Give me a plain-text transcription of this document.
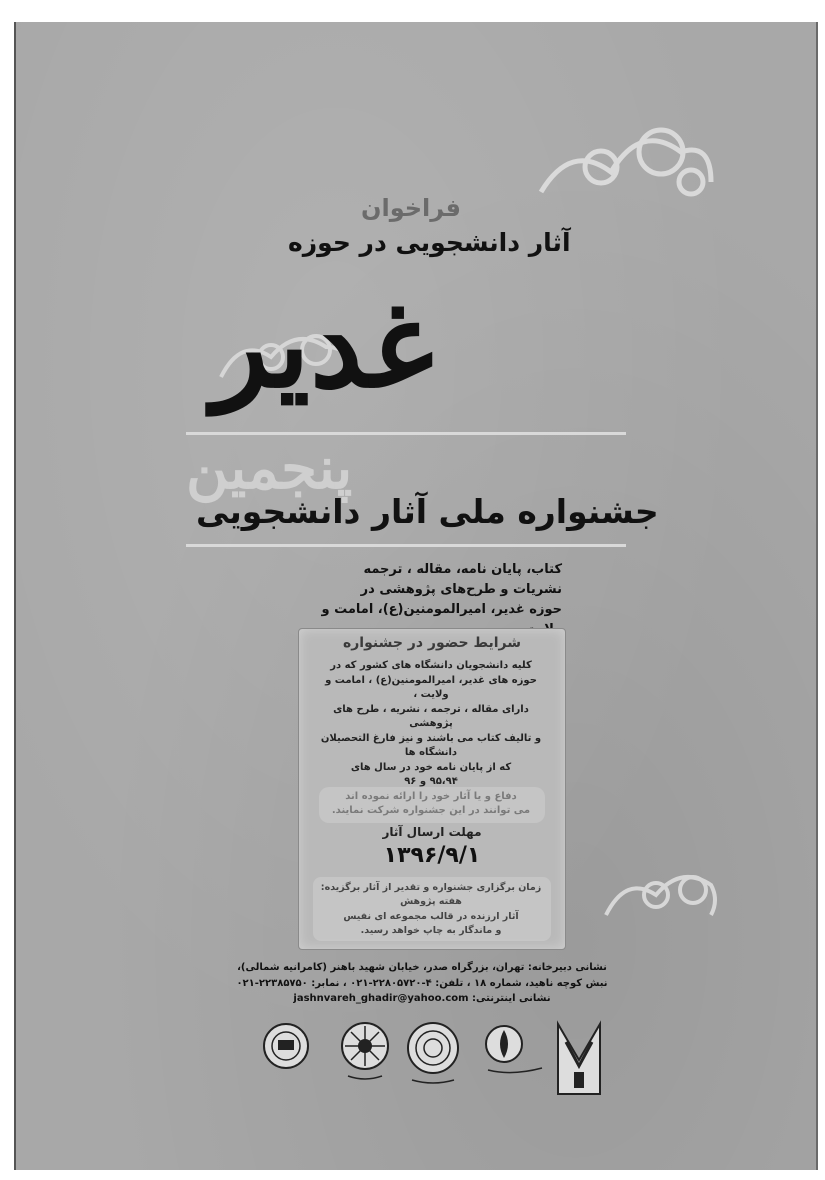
فراخوان
آثار دانشجویی در حوزه
غدیر
پنجمین
جشنواره ملی آثار دانشجویی
کتاب، پایان نامه، مقاله ، ترجمه
نشریات و طرح‌های پژوهشی در
حوزه غدیر، امیرالمومنین(ع)، امامت و
شرایط حضور در جشنواره
کلیه دانشجویان دانشگاه های کشور که در
حوزه های غدیر، امیرالمومنین(ع) ، امامت و ولایت ،
دارای مقاله ، ترجمه ، نشریه ، طرح های پژوهشی
و تالیف کتاب می باشند و نیز فارغ التحصیلان دانشگاه ها
که از پایان نامه خود در سال های
۹۵،۹۴ و ۹۶
مهلت ارسال آثار
۱۳۹۶/۹/۱
زمان برگزاری جشنواره و تقدیر از آثار برگزیده:
هفته پژوهش
آثار ارزنده در قالب مجموعه ای نفیس
و ماندگار به چاپ خواهد رسید.
نشانی دبیرخانه: تهران، بزرگراه صدر، خیابان شهید باهنر (کامرانیه شمالی)،
نبش کوچه ناهید، شماره ۱۸ ، تلفن: ۴-۲۲۸۰۵۷۲۰-۰۲۱ ، نمابر: ۲۲۳۸۵۷۵۰-۰۲۱
نشانی اینترنتی: jashnvareh_ghadir@yahoo.com
